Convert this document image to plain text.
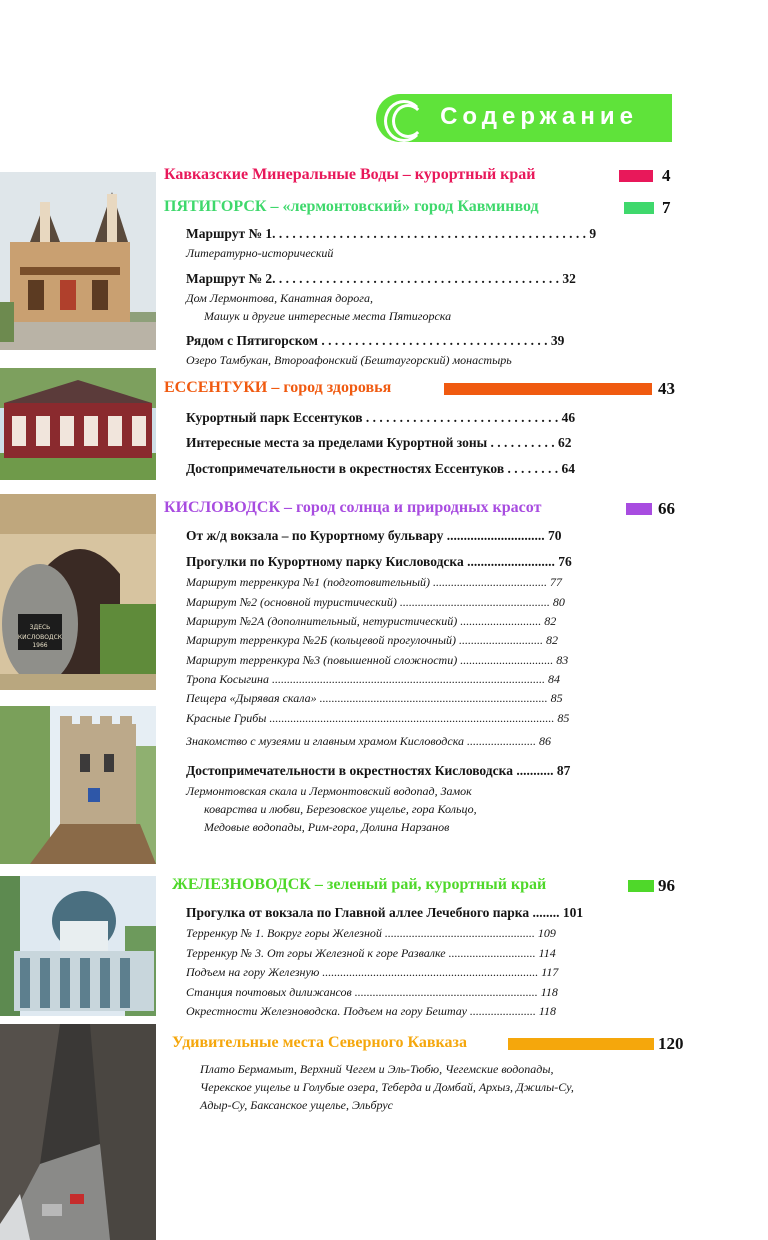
Содержание
ЗДЕСЬ
КИСЛОВОДСК
1966
Кавказские Минеральные Воды – курортный край	4
ПЯТИГОРСК – «лермонтовский» город Кавминвод	7
Маршрут № 1. . . . . . . . . . . . . . . . . . . . . . . . . . . . . . . . . . . . . . . . . . . . . . . 9
Литературно-исторический
Маршрут № 2. . . . . . . . . . . . . . . . . . . . . . . . . . . . . . . . . . . . . . . . . . . 32
Дом Лермонтова, Канатная дорога,
Машук и другие интересные места Пятигорска
Рядом с Пятигорском . . . . . . . . . . . . . . . . . . . . . . . . . . . . . . . . . . 39
Озеро Тамбукан, Второафонский (Бештаугорский) монастырь
ЕССЕНТУКИ – город здоровья	43
Курортный парк Ессентуков . . . . . . . . . . . . . . . . . . . . . . . . . . . . . 46
Интересные места за пределами Курортной зоны . . . . . . . . . . 62
Достопримечательности в окрестностях Ессентуков . . . . . . . . 64
КИСЛОВОДСК – город солнца и природных красот	66
От ж/д вокзала – по Курортному бульвару ............................. 70
Прогулки по Курортному парку Кисловодска .......................... 76
Маршрут терренкура №1 (подготовительный) ...................................... 77
Маршрут №2 (основной туристический) .................................................. 80
Маршрут №2А (дополнительный, нетуристический) ........................... 82
Маршрут терренкура №2Б (кольцевой прогулочный) ............................ 82
Маршрут терренкура №3 (повышенной сложности) ............................... 83
Тропа Косыгина ........................................................................................... 84
Пещера «Дырявая скала» ............................................................................ 85
Красные Грибы ............................................................................................... 85
Знакомство с музеями и главным храмом Кисловодска ....................... 86
Достопримечательности в окрестностях Кисловодска ........... 87
Лермонтовская скала и Лермонтовский водопад, Замок
коварства и любви, Березовское ущелье, гора Кольцо,
Медовые водопады, Рим-гора, Долина Нарзанов
ЖЕЛЕЗНОВОДСК – зеленый рай, курортный край	96
Прогулка от вокзала по Главной аллее Лечебного парка ........ 101
Терренкур № 1. Вокруг горы Железной .................................................. 109
Терренкур № 3. От горы Железной к горе Развалке ............................. 114
Подъем на гору Железную ........................................................................ 117
Станция почтовых дилижансов ............................................................. 118
Окрестности Железноводска. Подъем на гору Бештау ...................... 118
Удивительные места Северного Кавказа	120
Плато Бермамыт, Верхний Чегем и Эль-Тюбю, Чегемские водопады,
Черекское ущелье и Голубые озера, Теберда и Домбай, Архыз, Джилы-Су,
Адыр-Су, Баксанское ущелье, Эльбрус
